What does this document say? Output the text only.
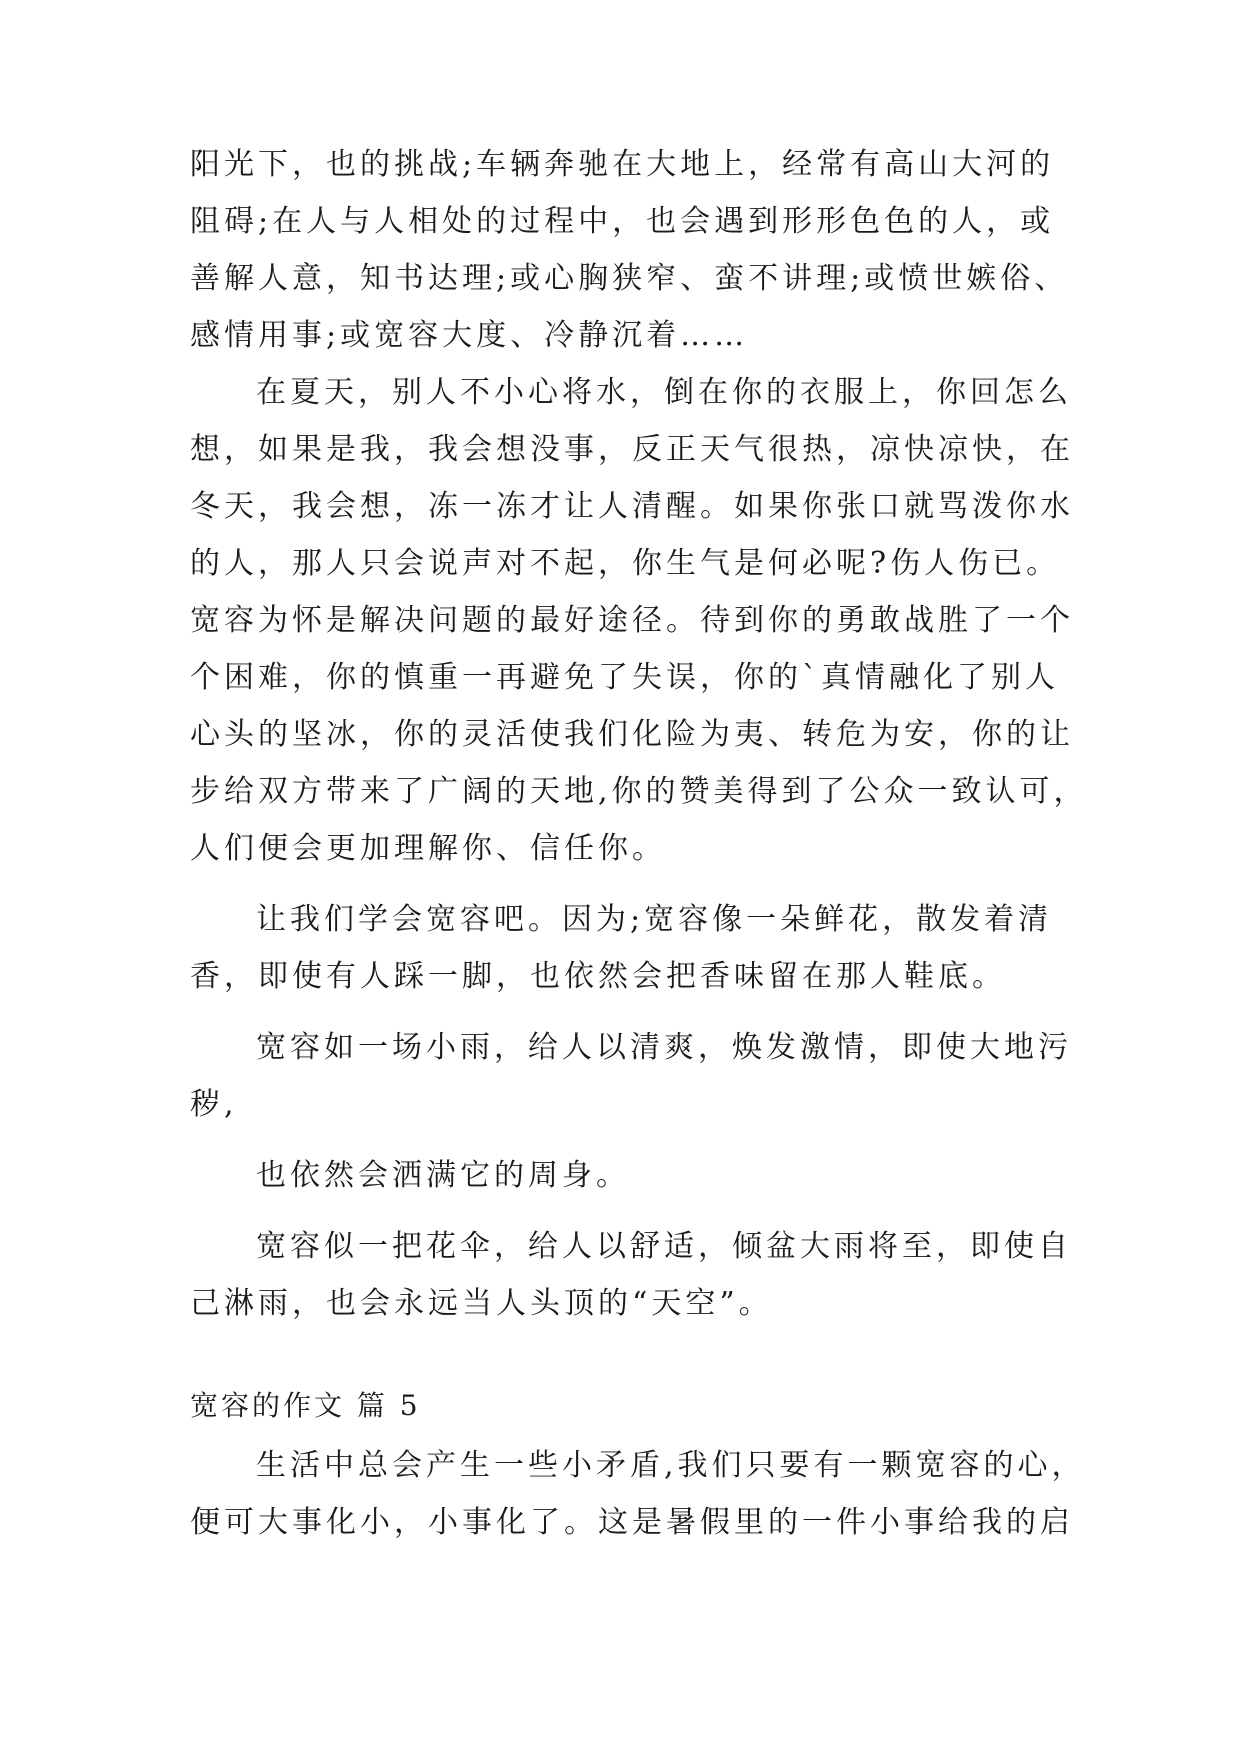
阳光下，也的挑战;车辆奔驰在大地上，经常有高山大河的
阻碍;在人与人相处的过程中，也会遇到形形色色的人，或
善解人意，知书达理;或心胸狭窄、蛮不讲理;或愤世嫉俗、
感情用事;或宽容大度、冷静沉着……
在夏天，别人不小心将水，倒在你的衣服上，你回怎么
想，如果是我，我会想没事，反正天气很热，凉快凉快，在
冬天，我会想，冻一冻才让人清醒。如果你张口就骂泼你水
的人，那人只会说声对不起，你生气是何必呢?伤人伤已。
宽容为怀是解决问题的最好途径。待到你的勇敢战胜了一个
个困难，你的慎重一再避免了失误，你的`真情融化了别人
心头的坚冰，你的灵活使我们化险为夷、转危为安，你的让
步给双方带来了广阔的天地,你的赞美得到了公众一致认可，
人们便会更加理解你、信任你。
让我们学会宽容吧。因为;宽容像一朵鲜花，散发着清
香，即使有人踩一脚，也依然会把香味留在那人鞋底。
宽容如一场小雨，给人以清爽，焕发激情，即使大地污
秽,
也依然会洒满它的周身。
宽容似一把花伞，给人以舒适，倾盆大雨将至，即使自
己淋雨，也会永远当人头顶的“天空”。
宽容的作文 篇 5
生活中总会产生一些小矛盾,我们只要有一颗宽容的心，
便可大事化小，小事化了。这是暑假里的一件小事给我的启
